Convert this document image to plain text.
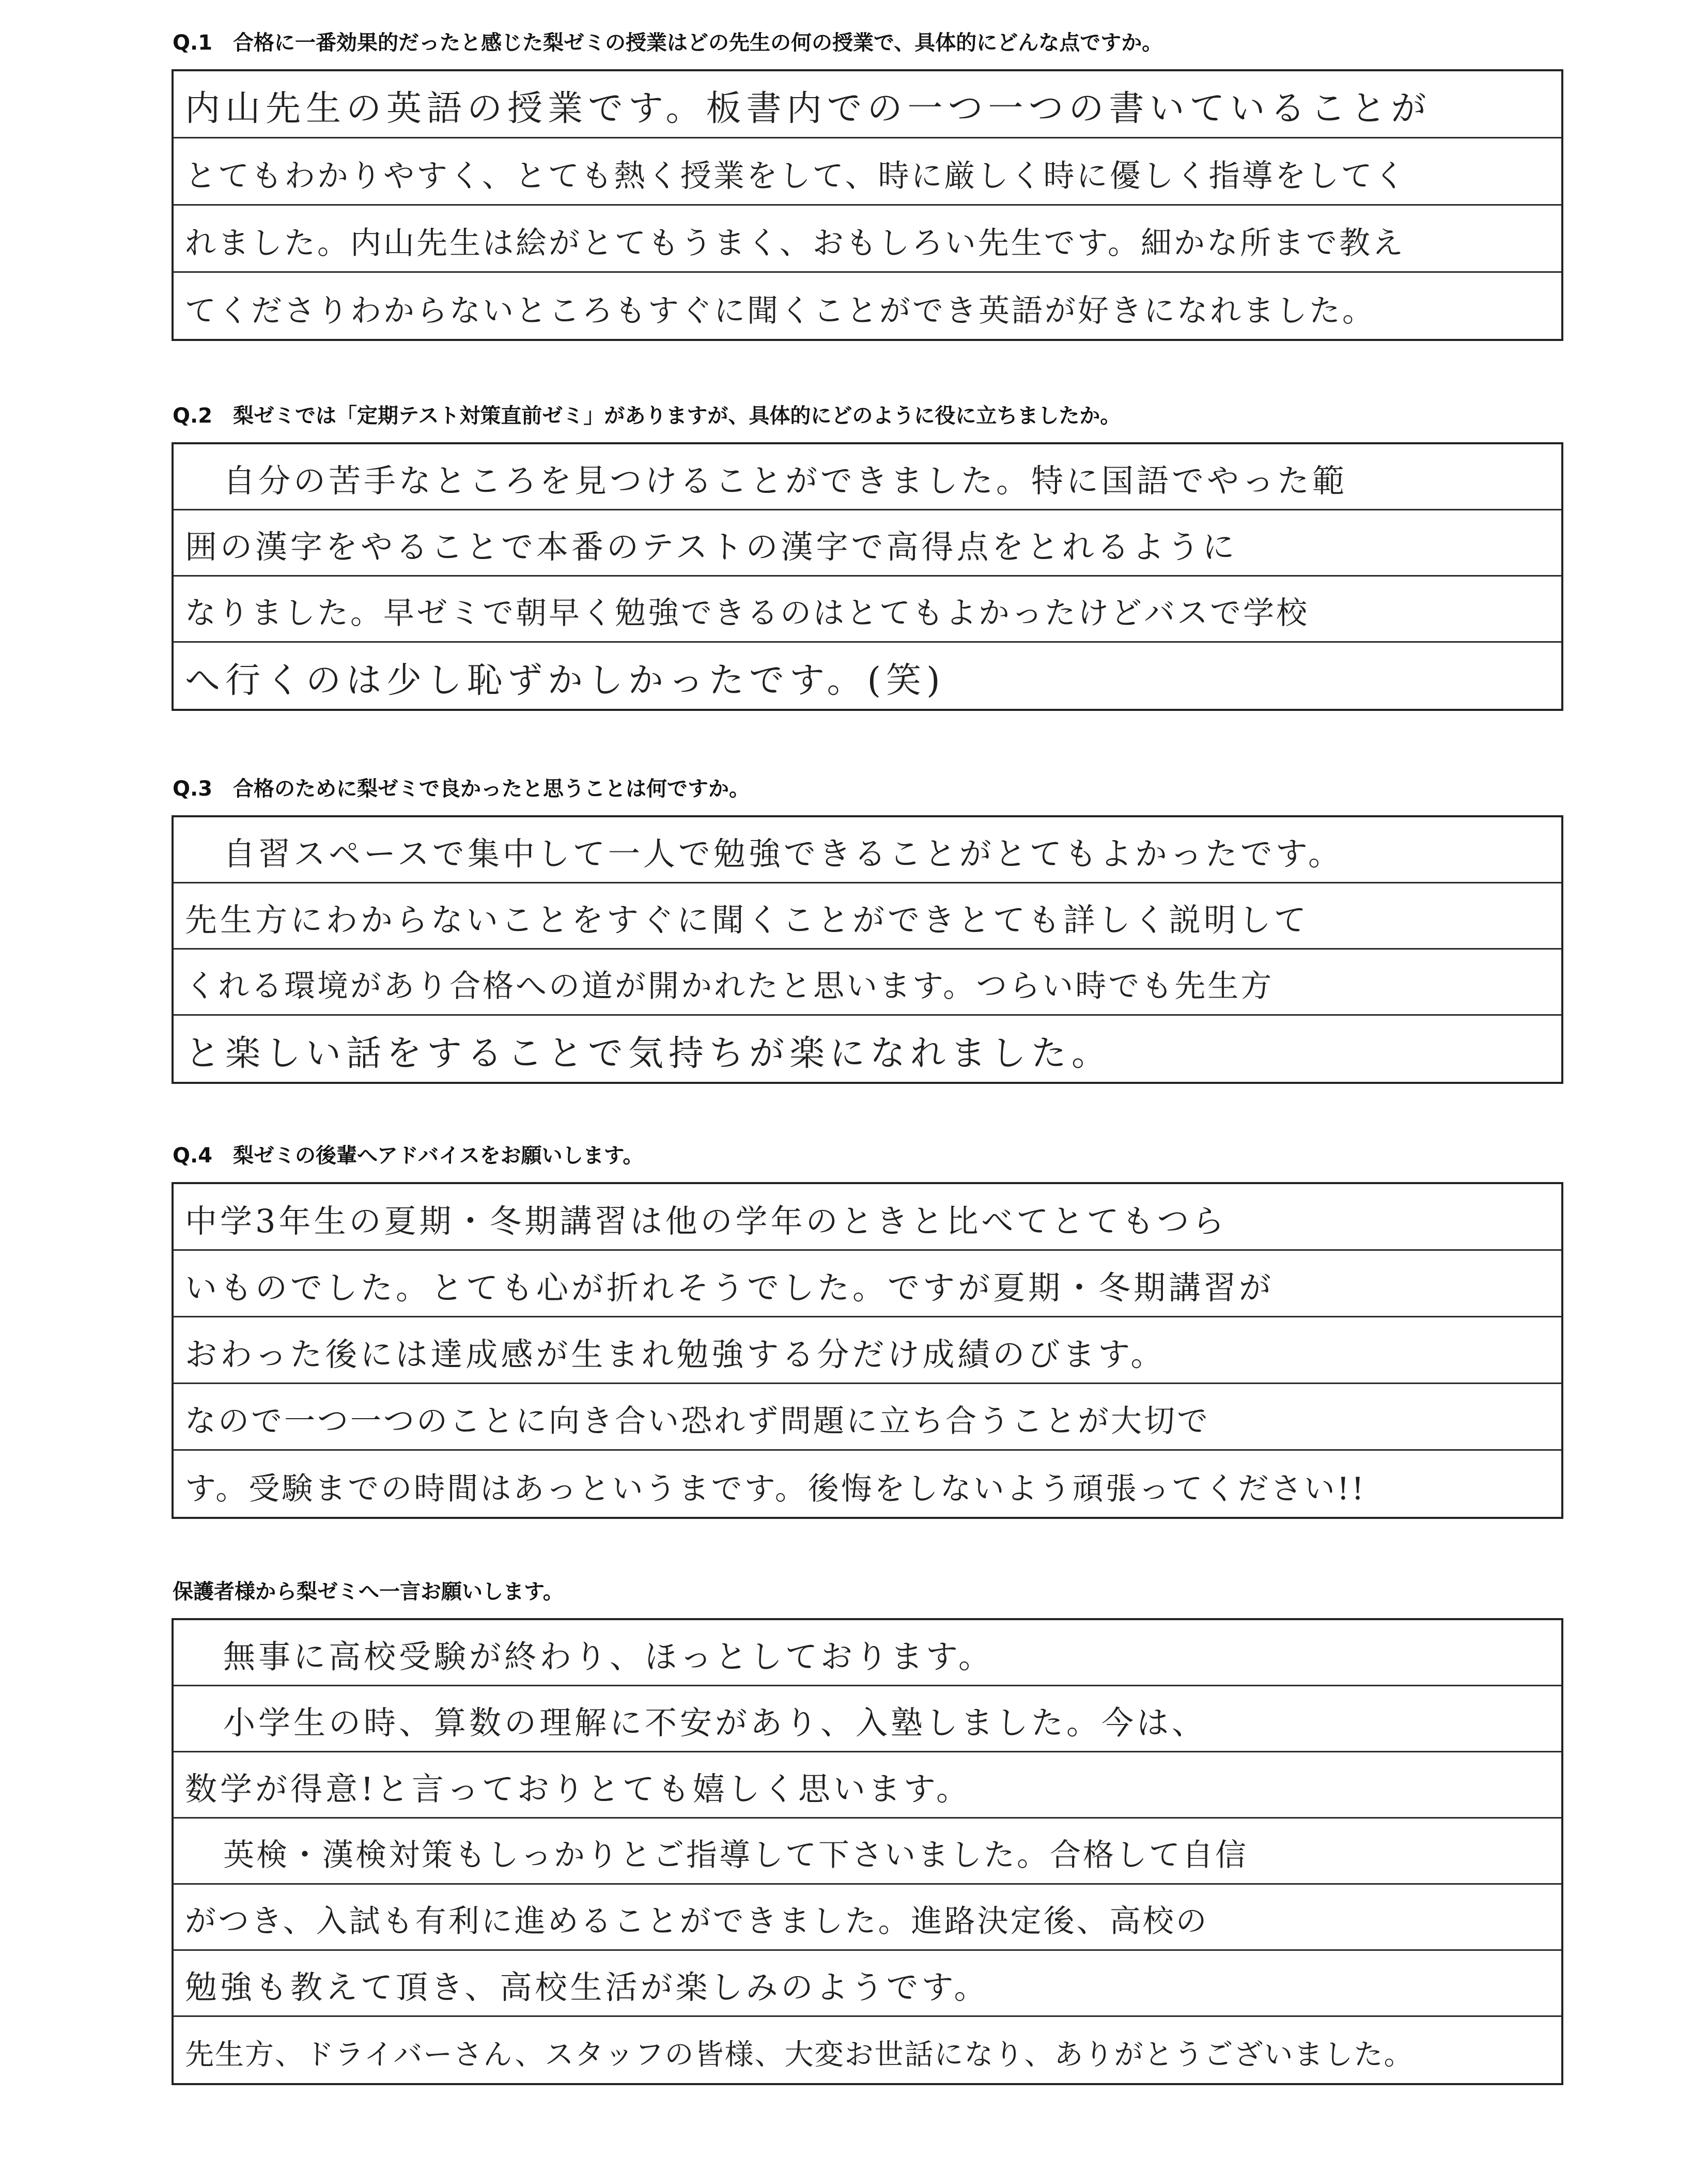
Q.1　合格に一番効果的だったと感じた梨ゼミの授業はどの先生の何の授業で、具体的にどんな点ですか。
内山先生の英語の授業です。板書内での一つ一つの書いていることが
とてもわかりやすく、とても熱く授業をして、時に厳しく時に優しく指導をしてく
れました。内山先生は絵がとてもうまく、おもしろい先生です。細かな所まで教え
てくださりわからないところもすぐに聞くことができ英語が好きになれました。
Q.2　梨ゼミでは「定期テスト対策直前ゼミ」がありますが、具体的にどのように役に立ちましたか。
自分の苦手なところを見つけることができました。特に国語でやった範
囲の漢字をやることで本番のテストの漢字で高得点をとれるように
なりました。早ゼミで朝早く勉強できるのはとてもよかったけどバスで学校
へ行くのは少し恥ずかしかったです。(笑)
Q.3　合格のために梨ゼミで良かったと思うことは何ですか。
自習スペースで集中して一人で勉強できることがとてもよかったです。
先生方にわからないことをすぐに聞くことができとても詳しく説明して
くれる環境があり合格への道が開かれたと思います。つらい時でも先生方
と楽しい話をすることで気持ちが楽になれました。
Q.4　梨ゼミの後輩へアドバイスをお願いします。
中学3年生の夏期・冬期講習は他の学年のときと比べてとてもつら
いものでした。とても心が折れそうでした。ですが夏期・冬期講習が
おわった後には達成感が生まれ勉強する分だけ成績のびます。
なので一つ一つのことに向き合い恐れず問題に立ち合うことが大切で
す。受験までの時間はあっというまです。後悔をしないよう頑張ってください!!
保護者様から梨ゼミへ一言お願いします。
無事に高校受験が終わり、ほっとしております。
小学生の時、算数の理解に不安があり、入塾しました。今は、
数学が得意!と言っておりとても嬉しく思います。
英検・漢検対策もしっかりとご指導して下さいました。合格して自信
がつき、入試も有利に進めることができました。進路決定後、高校の
勉強も教えて頂き、高校生活が楽しみのようです。
先生方、ドライバーさん、スタッフの皆様、大変お世話になり、ありがとうございました。
